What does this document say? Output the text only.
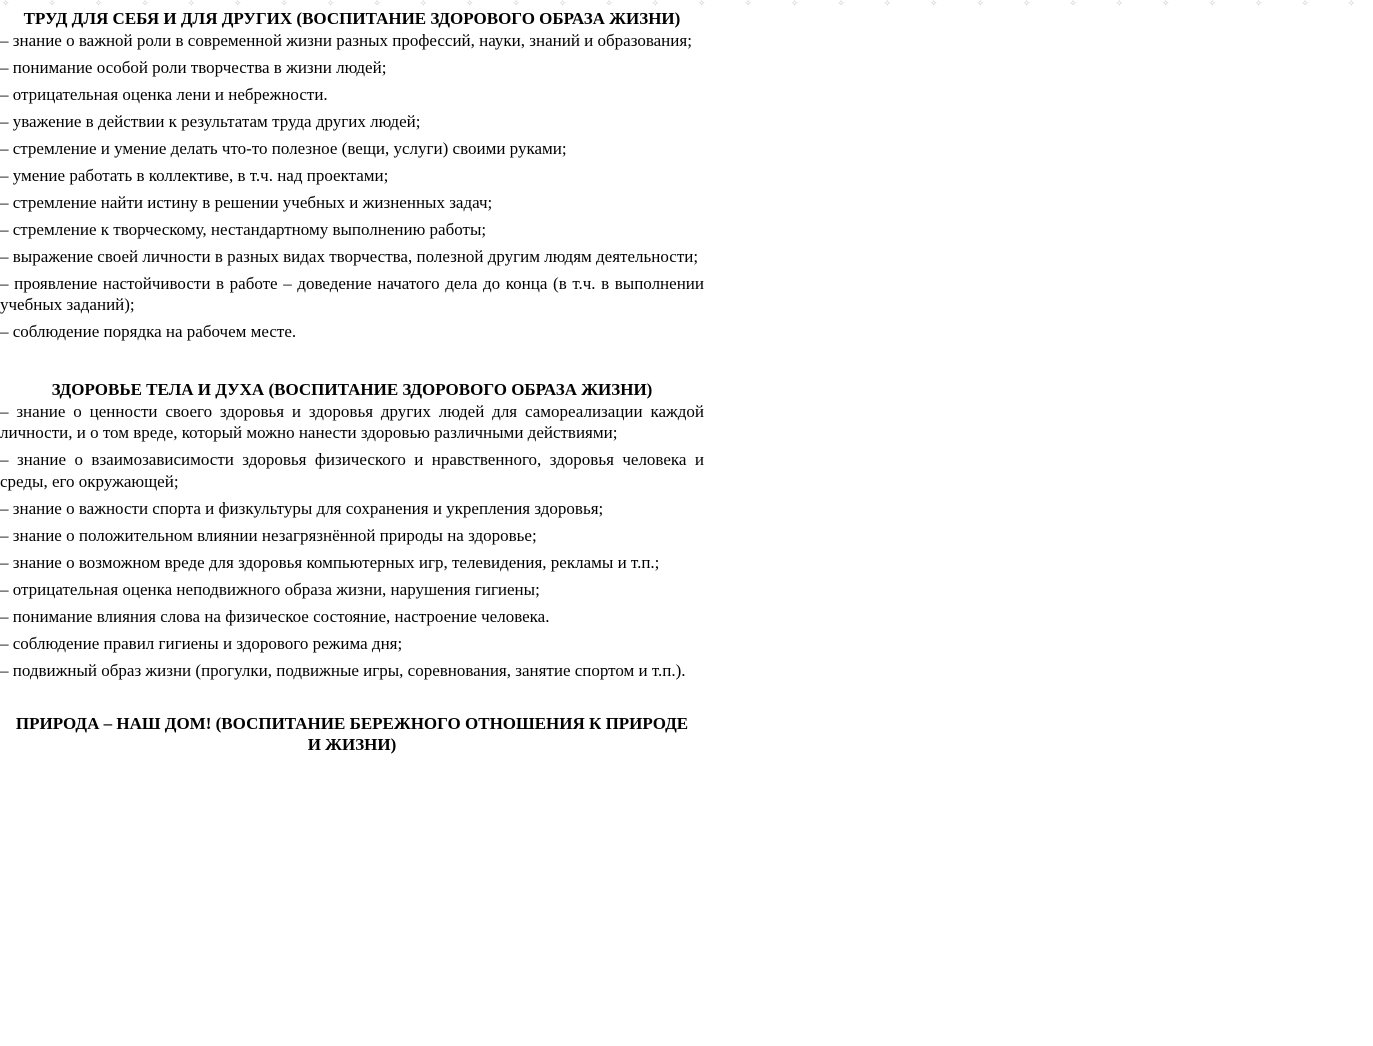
✧ ✧ ✧ ✧ ✧ ✧ ✧ ✧ ✧ ✧ ✧ ✧ ✧ ✧ ✧ ✧ ✧ ✧ ✧ ✧ ✧ ✧ ✧ ✧ ✧ ✧ ✧ ✧ ✧ ✧

ТРУД ДЛЯ СЕБЯ И ДЛЯ ДРУГИХ (ВОСПИТАНИЕ ЗДОРОВОГО ОБРАЗА ЖИЗНИ)

– знание о важной роли в современной жизни разных профессий, науки, знаний и образования;

– понимание особой роли творчества в жизни людей;

– отрицательная оценка лени и небрежности.

– уважение в действии к результатам труда других людей;

– стремление и умение делать что-то полезное (вещи, услуги) своими руками;

– умение работать в коллективе, в т.ч. над проектами;

– стремление найти истину в решении учебных и жизненных задач;

– стремление к творческому, нестандартному выполнению работы;

– выражение своей личности в разных видах творчества, полезной другим людям деятельности;

– проявление настойчивости в работе – доведение начатого дела до конца (в т.ч. в выполнении учебных заданий);

– соблюдение порядка на рабочем месте.

ЗДОРОВЬЕ ТЕЛА И ДУХА (ВОСПИТАНИЕ ЗДОРОВОГО ОБРАЗА ЖИЗНИ)

– знание о ценности своего здоровья и здоровья других людей для самореализации каждой личности, и о том вреде, который можно нанести здоровью различными действиями;

– знание о взаимозависимости здоровья физического и нравственного, здоровья человека и среды, его окружающей;

– знание о важности спорта и физкультуры для сохранения и укрепления здоровья;

– знание о положительном влиянии незагрязнённой природы на здоровье;

– знание о возможном вреде для здоровья компьютерных игр, телевидения, рекламы и т.п.;

– отрицательная оценка неподвижного образа жизни, нарушения гигиены;

– понимание влияния слова на физическое состояние, настроение человека.

– соблюдение правил гигиены и здорового режима дня;

– подвижный образ жизни (прогулки, подвижные игры, соревнования, занятие спортом и т.п.).

ПРИРОДА – НАШ ДОМ! (ВОСПИТАНИЕ БЕРЕЖНОГО ОТНОШЕНИЯ К ПРИРОДЕ И ЖИЗНИ)
